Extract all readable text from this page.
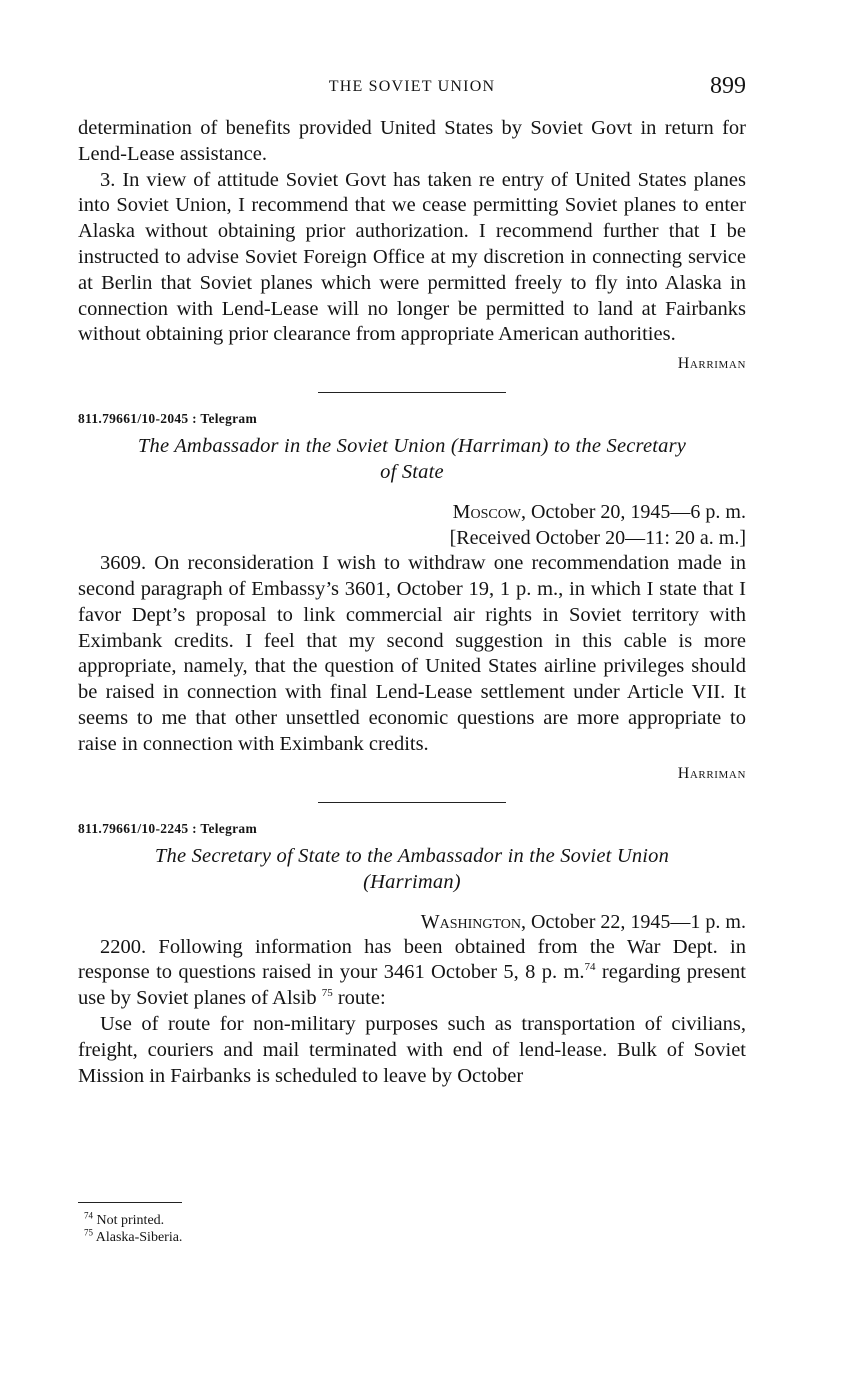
THE SOVIET UNION	899

determination of benefits provided United States by Soviet Govt in return for Lend-Lease assistance.

3. In view of attitude Soviet Govt has taken re entry of United States planes into Soviet Union, I recommend that we cease permitting Soviet planes to enter Alaska without obtaining prior authorization. I recommend further that I be instructed to advise Soviet Foreign Office at my discretion in connecting service at Berlin that Soviet planes which were permitted freely to fly into Alaska in connection with Lend-Lease will no longer be permitted to land at Fairbanks without obtaining prior clearance from appropriate American authorities.

Harriman
811.79661/10-2045 : Telegram
The Ambassador in the Soviet Union (Harriman) to the Secretary
of State
Moscow, October 20, 1945—6 p. m.
[Received October 20—11: 20 a. m.]

3609. On reconsideration I wish to withdraw one recommendation made in second paragraph of Embassy’s 3601, October 19, 1 p. m., in which I state that I favor Dept’s proposal to link commercial air rights in Soviet territory with Eximbank credits. I feel that my second suggestion in this cable is more appropriate, namely, that the question of United States airline privileges should be raised in connection with final Lend-Lease settlement under Article VII. It seems to me that other unsettled economic questions are more appropriate to raise in connection with Eximbank credits.

Harriman
811.79661/10-2245 : Telegram
The Secretary of State to the Ambassador in the Soviet Union
(Harriman)
Washington, October 22, 1945—1 p. m.

2200. Following information has been obtained from the War Dept. in response to questions raised in your 3461 October 5, 8 p. m.$^{74}$ regarding present use by Soviet planes of Alsib $^{75}$ route:

Use of route for non-military purposes such as transportation of civilians, freight, couriers and mail terminated with end of lend-lease. Bulk of Soviet Mission in Fairbanks is scheduled to leave by October

$^{74}$ Not printed.
$^{75}$ Alaska-Siberia.
